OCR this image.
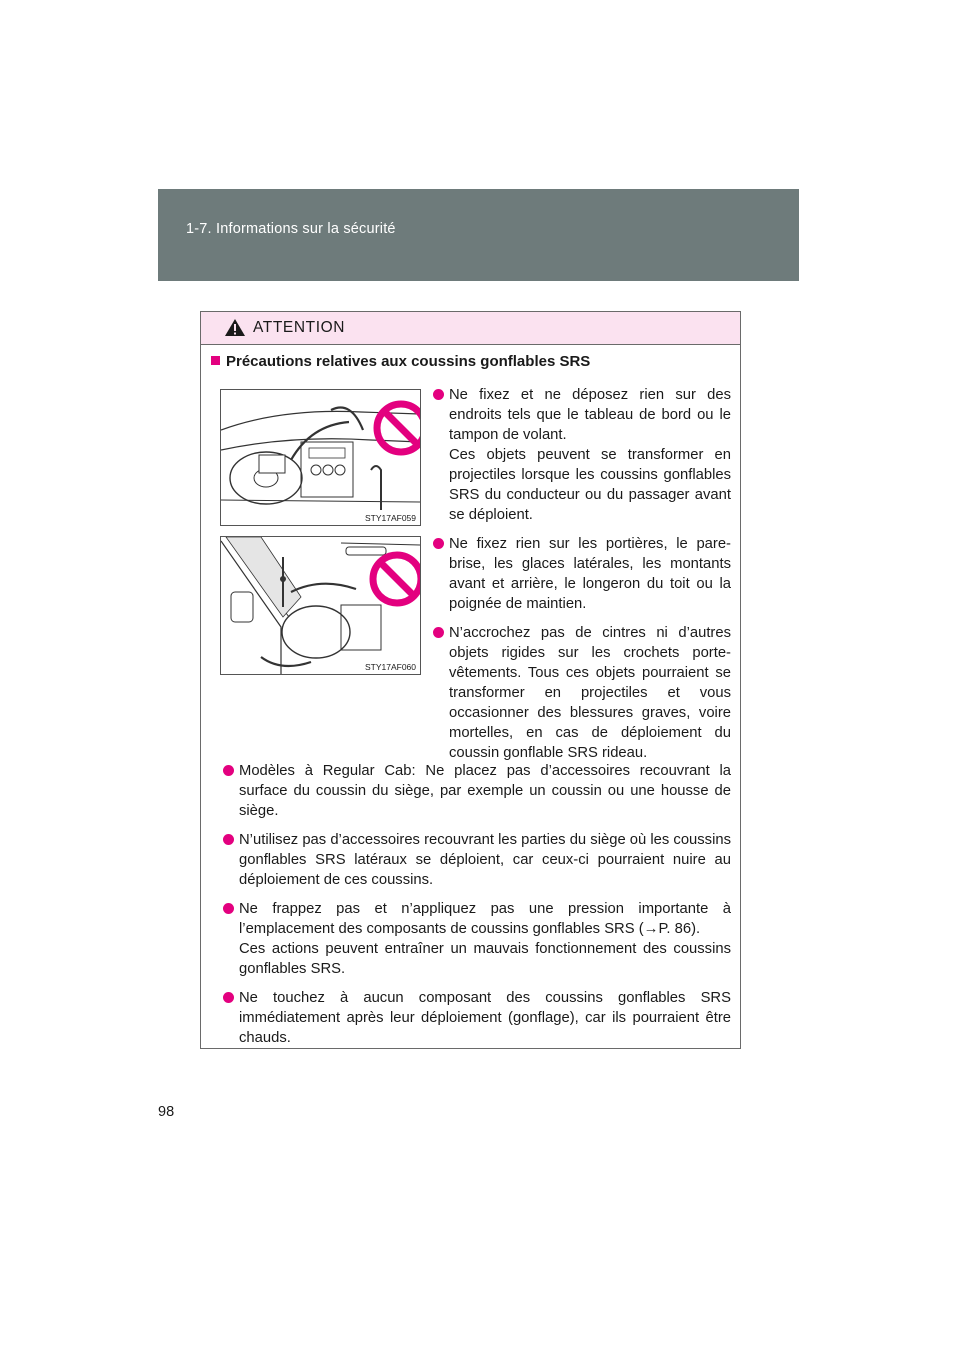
1-7. Informations sur la sécurité
ATTENTION
Précautions relatives aux coussins gonflables SRS
STY17AF059
STY17AF060

Ne fixez et ne déposez rien sur des endroits tels que le tableau de bord ou le tampon de volant.

Ces objets peuvent se transformer en projectiles lorsque les coussins gonflables SRS du conducteur ou du passager avant se déploient.

Ne fixez rien sur les portières, le pare-brise, les glaces latérales, les montants avant et arrière, le longeron du toit ou la poignée de maintien.

N’accrochez pas de cintres ni d’autres objets rigides sur les crochets porte-vêtements. Tous ces objets pourraient se transformer en projectiles et vous occasionner des blessures graves, voire mortelles, en cas de déploiement du coussin gonflable SRS rideau.

Modèles à Regular Cab: Ne placez pas d’accessoires recouvrant la surface du coussin du siège, par exemple un coussin ou une housse de siège.

N’utilisez pas d’accessoires recouvrant les parties du siège où les coussins gonflables SRS latéraux se déploient, car ceux-ci pourraient nuire au déploiement de ces coussins.

Ne frappez pas et n’appliquez pas une pression importante à l’emplacement des composants de coussins gonflables SRS (→P. 86).

Ces actions peuvent entraîner un mauvais fonctionnement des coussins gonflables SRS.

Ne touchez à aucun composant des coussins gonflables SRS immédiatement après leur déploiement (gonflage), car ils pourraient être chauds.

98
